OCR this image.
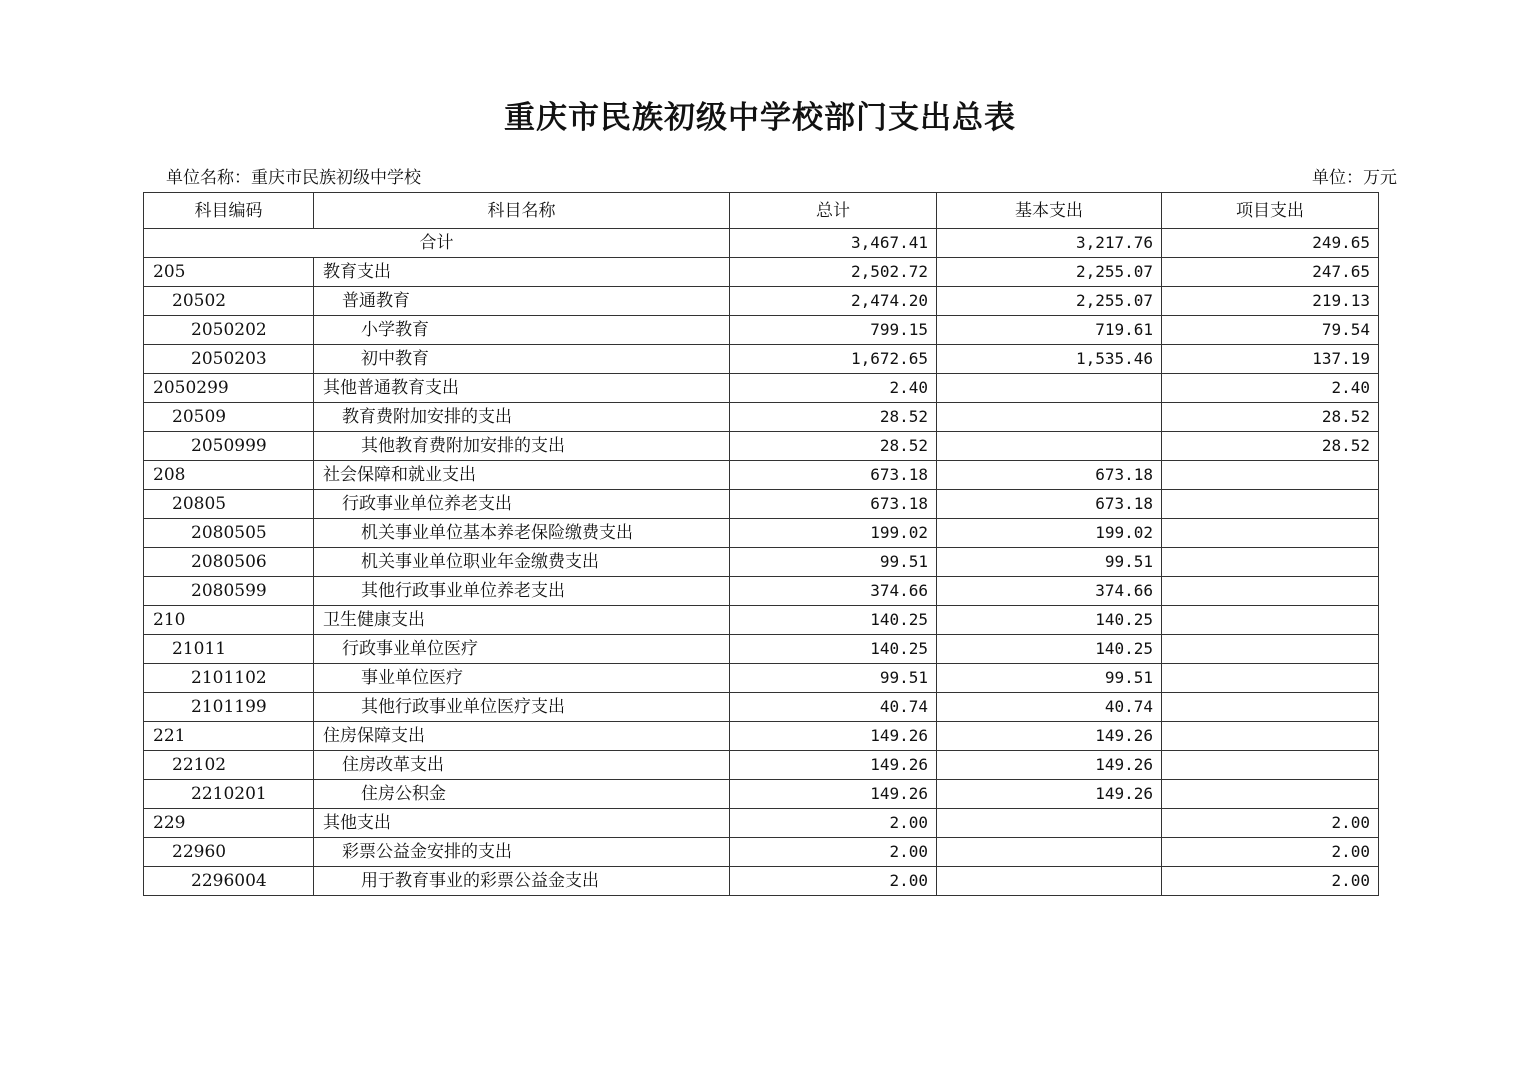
重庆市民族初级中学校部门支出总表
单位名称：重庆市民族初级中学校	单位：万元
科目编码	科目名称	总计	基本支出	项目支出
合计		3,467.41	3,217.76	249.65
205	教育支出	2,502.72	2,255.07	247.65
20502	普通教育	2,474.20	2,255.07	219.13
2050202	小学教育	799.15	719.61	79.54
2050203	初中教育	1,672.65	1,535.46	137.19
2050299	其他普通教育支出	2.40		2.40
20509	教育费附加安排的支出	28.52		28.52
2050999	其他教育费附加安排的支出	28.52		28.52
208	社会保障和就业支出	673.18	673.18	
20805	行政事业单位养老支出	673.18	673.18	
2080505	机关事业单位基本养老保险缴费支出	199.02	199.02	
2080506	机关事业单位职业年金缴费支出	99.51	99.51	
2080599	其他行政事业单位养老支出	374.66	374.66	
210	卫生健康支出	140.25	140.25	
21011	行政事业单位医疗	140.25	140.25	
2101102	事业单位医疗	99.51	99.51	
2101199	其他行政事业单位医疗支出	40.74	40.74	
221	住房保障支出	149.26	149.26	
22102	住房改革支出	149.26	149.26	
2210201	住房公积金	149.26	149.26	
229	其他支出	2.00		2.00
22960	彩票公益金安排的支出	2.00		2.00
2296004	用于教育事业的彩票公益金支出	2.00		2.00
